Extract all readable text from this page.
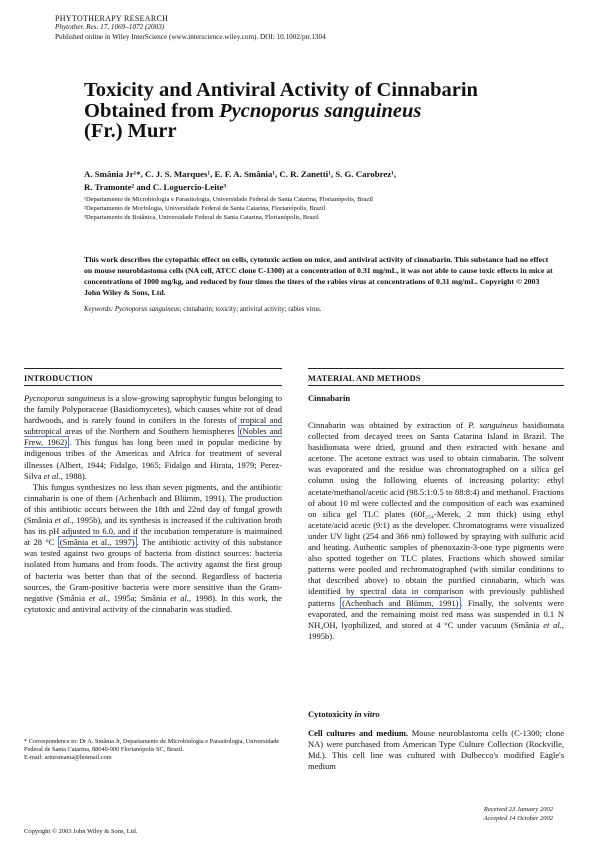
PHYTOTHERAPY RESEARCH
Phytother. Res. 17, 1069–1072 (2003)
Published online in Wiley InterScience (www.interscience.wiley.com). DOI: 10.1002/ptr.1304
Toxicity and Antiviral Activity of Cinnabarin
Obtained from Pycnoporus sanguineus
(Fr.) Murr
A. Smânia Jr¹*, C. J. S. Marques¹, E. F. A. Smânia¹, C. R. Zanetti¹, S. G. Carobrez¹,
R. Tramonte² and C. Loguercio-Leite³
¹Departamento de Microbiologia e Parasitologia, Universidade Federal de Santa Catarina, Florianópolis, Brazil
²Departamento de Morfologia, Universidade Federal de Santa Catarina, Florianópolis, Brazil
³Departamento de Botânica, Universidade Federal de Santa Catarina, Florianópolis, Brazil
This work describes the cytopathic effect on cells, cytotoxic action on mice, and antiviral activity of cinnabarin. This substance had no effect on mouse neuroblastoma cells (NA cell, ATCC clone C-1300) at a concentration of 0.31 mg/mL, it was not able to cause toxic effects in mice at concentrations of 1000 mg/kg, and reduced by four times the titers of the rabies virus at concentrations of 0.31 mg/mL. Copyright © 2003 John Wiley & Sons, Ltd.
Keywords: Pycnoporus sanguineus; cinnabarin; toxicity; antiviral activity; rabies virus.
INTRODUCTION

Pycnoporus sanguineus is a slow-growing saprophytic fungus belonging to the family Polyporaceae (Basidiomycetes), which causes white rot of dead hardwoods, and is rarely found in conifers in the forests of tropical and subtropical areas of the Northern and Southern hemispheres (Nobles and Frew, 1962) . This fungus has long been used in popular medicine by indigenous tribes of the Americas and Africa for treatment of several illnesses (Albert, 1944; Fidalgo, 1965; Fidalgo and Hirata, 1979; Perez-Silva et al., 1988).

This fungus synthesizes no less than seven pigments, and the antibiotic cinnabarin is one of them (Achenbach and Blümm, 1991). The production of this antibiotic occurs between the 18th and 22nd day of fungal growth (Smânia et al., 1995b), and its synthesis is increased if the cultivation broth has its pH adjusted to 6.0, and if the incubation temperature is maintained at 28 °C (Smânia et al., 1997) . The antibiotic activity of this substance was tested against two groups of bacteria from distinct sources: bacteria isolated from humans and from foods. The activity against the first group of bacteria was better than that of the second. Regardless of bacteria sources, the Gram-positive bacteria were more sensitive than the Gram-negative (Smânia et al., 1995a; Smânia et al., 1998). In this work, the cytotoxic and antiviral activity of the cinnabarin was studied.

MATERIAL AND METHODS
Cinnabarin

Cinnabarin was obtained by extraction of P. sanguineus basidiomata collected from decayed trees on Santa Catarina Island in Brazil. The basidiomata were dried, ground and then extracted with hexane and acetone. The acetone extract was used to obtain cinnabarin. The solvent was evaporated and the residue was chromatographed on a silica gel column using the following eluents of increasing polarity: ethyl acetate/methanol/acetic acid (98.5:1:0.5 to 88:8:4) and methanol. Fractions of about 10 ml were collected and the composition of each was examined on silica gel TLC plates (60f₂₅₄-Merek, 2 mm thick) using ethyl acetate/acid acetic (9:1) as the developer. Chromatograms were visualized under UV light (254 and 366 nm) followed by spraying with sulfuric acid and heating. Authentic samples of phenoxazin-3-one type pigments were also spotted together on TLC plates. Fractions which showed similar patterns were pooled and rechromatographed (with similar conditions to that described above) to obtain the purified cinnabarin, which was identified by spectral data in comparison with previously published patterns (Achenbach and Blümm, 1991) . Finally, the solvents were evaporated, and the remaining moist red mass was suspended in 0.1 N NH₄OH, lyophilized, and stored at 4 °C under vacuum (Smânia et al., 1995b).

Cytotoxicity in vitro

Cell cultures and medium. Mouse neuroblastoma cells (C-1300; clone NA) were purchased from American Type Culture Collection (Rockville, Md.). This cell line was cultured with Dulbecco's modified Eagle's medium

* Correspondence to: Dr A. Smânia Jr, Departamento de Microbiologia e Parasitologia, Universidade Federal de Santa Catarina, 88040-900 Florianópolis SC, Brazil.
E-mail: artursmania@hotmail.com
Copyright © 2003 John Wiley & Sons, Ltd.
Received 23 January 2002
Accepted 14 October 2002
